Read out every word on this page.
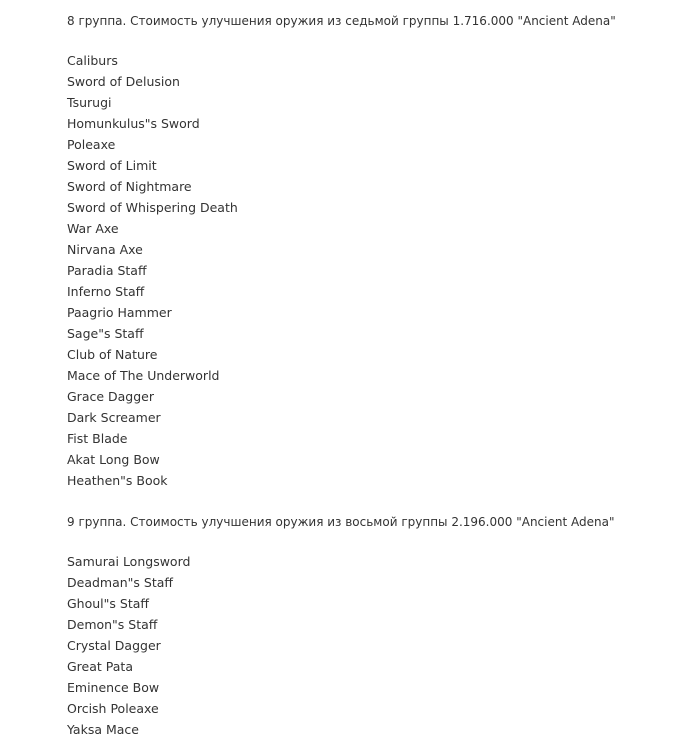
8 группа. Стоимость улучшения оружия из седьмой группы 1.716.000 "Ancient Adena"
Caliburs
Sword of Delusion
Tsurugi
Homunkulus"s Sword
Poleaxe
Sword of Limit
Sword of Nightmare
Sword of Whispering Death
War Axe
Nirvana Axe
Paradia Staff
Inferno Staff
Paagrio Hammer
Sage"s Staff
Club of Nature
Mace of The Underworld
Grace Dagger
Dark Screamer
Fist Blade
Akat Long Bow
Heathen"s Book
9 группа. Стоимость улучшения оружия из восьмой группы 2.196.000 "Ancient Adena"
Samurai Longsword
Deadman"s Staff
Ghoul"s Staff
Demon"s Staff
Crystal Dagger
Great Pata
Eminence Bow
Orcish Poleaxe
Yaksa Mace
